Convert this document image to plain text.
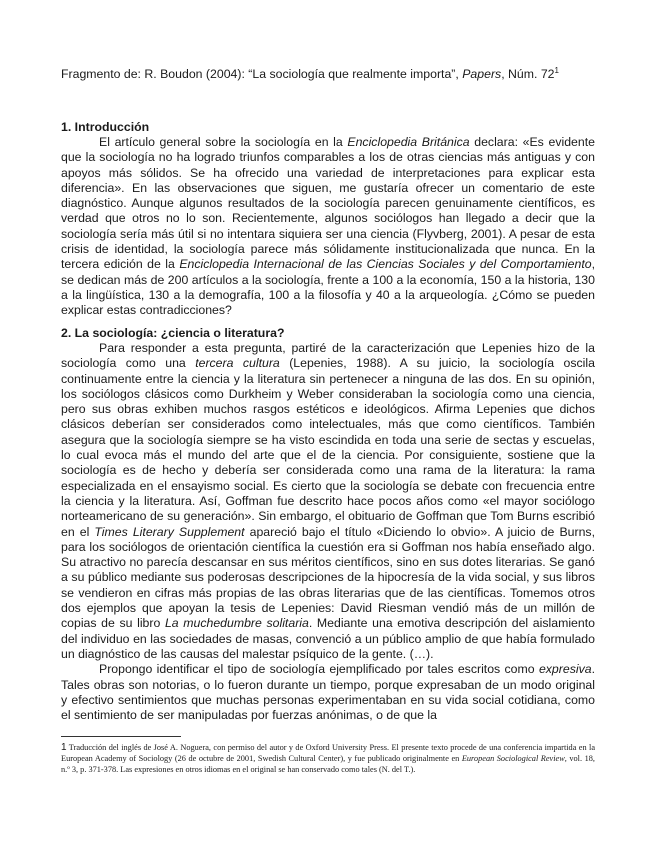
Fragmento de: R. Boudon (2004): “La sociología que realmente importa”, Papers, Núm. $72^1$
1. Introducción

El artículo general sobre la sociología en la Enciclopedia Británica declara: «Es evidente que la sociología no ha logrado triunfos comparables a los de otras ciencias más antiguas y con apoyos más sólidos. Se ha ofrecido una variedad de interpretaciones para explicar esta diferencia». En las observaciones que siguen, me gustaría ofrecer un comentario de este diagnóstico. Aunque algunos resultados de la sociología parecen genuinamente científicos, es verdad que otros no lo son. Recientemente, algunos sociólogos han llegado a decir que la sociología sería más útil si no intentara siquiera ser una ciencia (Flyvberg, 2001). A pesar de esta crisis de identidad, la sociología parece más sólidamente institucionalizada que nunca. En la tercera edición de la Enciclopedia Internacional de las Ciencias Sociales y del Comportamiento, se dedican más de 200 artículos a la sociología, frente a 100 a la economía, 150 a la historia, 130 a la lingüística, 130 a la demografía, 100 a la filosofía y 40 a la arqueología. ¿Cómo se pueden explicar estas contradicciones?

2. La sociología: ¿ciencia o literatura?

Para responder a esta pregunta, partiré de la caracterización que Lepenies hizo de la sociología como una tercera cultura (Lepenies, 1988). A su juicio, la sociología oscila continuamente entre la ciencia y la literatura sin pertenecer a ninguna de las dos. En su opinión, los sociólogos clásicos como Durkheim y Weber consideraban la sociología como una ciencia, pero sus obras exhiben muchos rasgos estéticos e ideológicos. Afirma Lepenies que dichos clásicos deberían ser considerados como intelectuales, más que como científicos. También asegura que la sociología siempre se ha visto escindida en toda una serie de sectas y escuelas, lo cual evoca más el mundo del arte que el de la ciencia. Por consiguiente, sostiene que la sociología es de hecho y debería ser considerada como una rama de la literatura: la rama especializada en el ensayismo social. Es cierto que la sociología se debate con frecuencia entre la ciencia y la literatura. Así, Goffman fue descrito hace pocos años como «el mayor sociólogo norteamericano de su generación». Sin embargo, el obituario de Goffman que Tom Burns escribió en el Times Literary Supplement apareció bajo el título «Diciendo lo obvio». A juicio de Burns, para los sociólogos de orientación científica la cuestión era si Goffman nos había enseñado algo. Su atractivo no parecía descansar en sus méritos científicos, sino en sus dotes literarias. Se ganó a su público mediante sus poderosas descripciones de la hipocresía de la vida social, y sus libros se vendieron en cifras más propias de las obras literarias que de las científicas. Tomemos otros dos ejemplos que apoyan la tesis de Lepenies: David Riesman vendió más de un millón de copias de su libro La muchedumbre solitaria. Mediante una emotiva descripción del aislamiento del individuo en las sociedades de masas, convenció a un público amplio de que había formulado un diagnóstico de las causas del malestar psíquico de la gente. (…).

Propongo identificar el tipo de sociología ejemplificado por tales escritos como expresiva. Tales obras son notorias, o lo fueron durante un tiempo, porque expresaban de un modo original y efectivo sentimientos que muchas personas experimentaban en su vida social cotidiana, como el sentimiento de ser manipuladas por fuerzas anónimas, o de que la

1 Traducción del inglés de José A. Noguera, con permiso del autor y de Oxford University Press. El presente texto procede de una conferencia impartida en la European Academy of Sociology (26 de octubre de 2001, Swedish Cultural Center), y fue publicado originalmente en European Sociological Review, vol. 18, n.º 3, p. 371-378. Las expresiones en otros idiomas en el original se han conservado como tales (N. del T.).
